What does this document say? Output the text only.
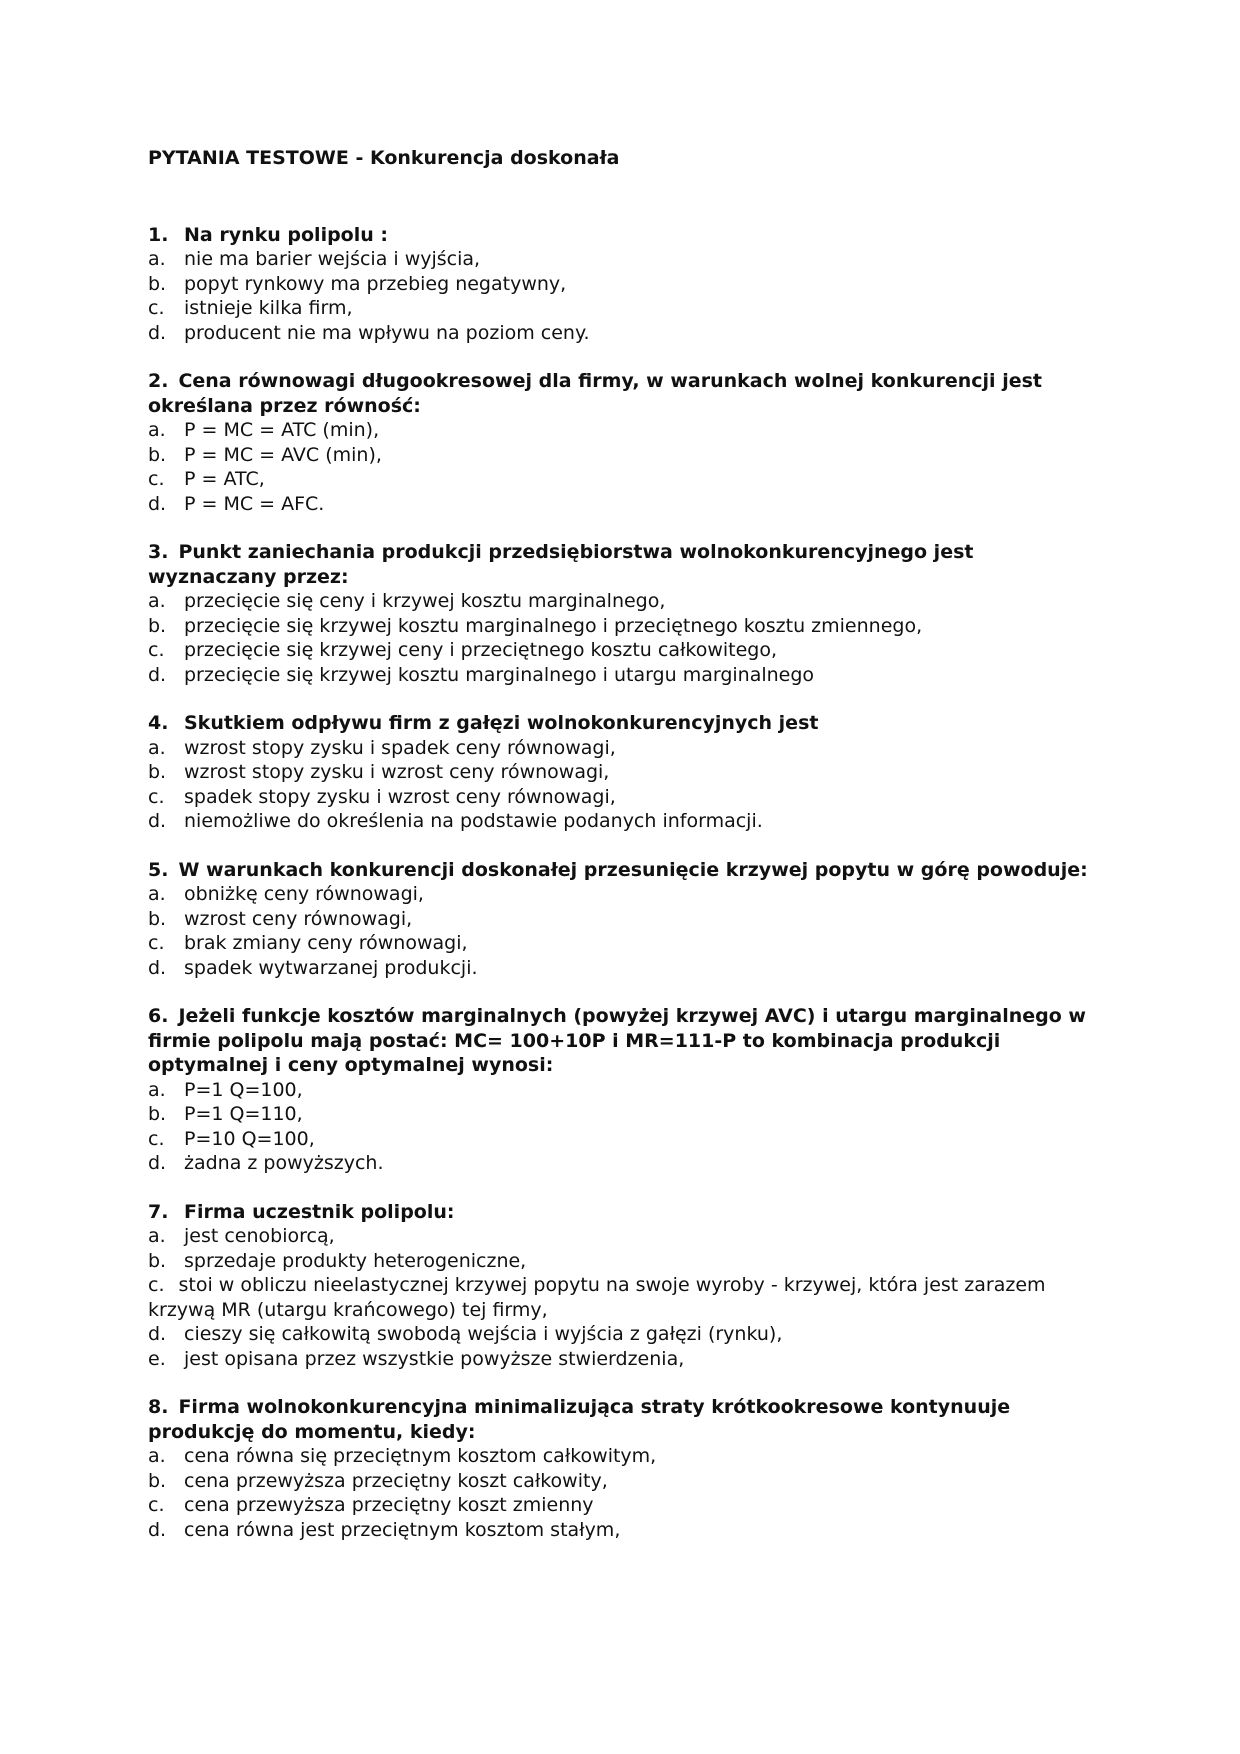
PYTANIA TESTOWE - Konkurencja doskonała
1. Na rynku polipolu :
a. nie ma barier wejścia i wyjścia,
b. popyt rynkowy ma przebieg negatywny,
c.	istnieje kilka firm,
d. producent nie ma wpływu na poziom ceny.
2. Cena równowagi długookresowej dla firmy, w warunkach wolnej konkurencji jest określana przez równość:
a. P = MC = ATC (min),
b. P = MC = AVC (min),
c.	P = ATC,
d. P = MC = AFC.
3. Punkt zaniechania produkcji przedsiębiorstwa wolnokonkurencyjnego jest wyznaczany przez:
a. przecięcie się ceny i krzywej kosztu marginalnego,
b. przecięcie się krzywej kosztu marginalnego i przeciętnego kosztu zmiennego,
c.	przecięcie się krzywej ceny i przeciętnego kosztu całkowitego,
d. przecięcie się krzywej kosztu marginalnego i utargu marginalnego
4. Skutkiem odpływu firm z gałęzi wolnokonkurencyjnych jest
a. wzrost stopy zysku i spadek ceny równowagi,
b. wzrost stopy zysku i wzrost ceny równowagi,
c.	spadek stopy zysku i wzrost ceny równowagi,
d. niemożliwe do określenia na podstawie podanych informacji.
5. W warunkach konkurencji doskonałej przesunięcie krzywej popytu w górę powoduje:
a. obniżkę ceny równowagi,
b. wzrost ceny równowagi,
c.	brak zmiany ceny równowagi,
d. spadek wytwarzanej produkcji.
6. Jeżeli funkcje kosztów marginalnych (powyżej krzywej AVC) i utargu marginalnego w firmie polipolu mają postać: MC= 100+10P i MR=111-P to kombinacja produkcji optymalnej i ceny optymalnej wynosi:
a. P=1 Q=100,
b. P=1 Q=110,
c.	P=10 Q=100,
d. żadna z powyższych.
7. Firma uczestnik polipolu:
a. jest cenobiorcą,
b. sprzedaje produkty heterogeniczne,
c. stoi w obliczu nieelastycznej krzywej popytu na swoje wyroby - krzywej, która jest zarazem krzywą MR (utargu krańcowego) tej firmy,
d. cieszy się całkowitą swobodą wejścia i wyjścia z gałęzi (rynku),
e. jest opisana przez wszystkie powyższe stwierdzenia,
8. Firma wolnokonkurencyjna minimalizująca straty krótkookresowe kontynuuje produkcję do momentu, kiedy:
a. cena równa się przeciętnym kosztom całkowitym,
b. cena przewyższa przeciętny koszt całkowity,
c.	cena przewyższa przeciętny koszt zmienny
d. cena równa jest przeciętnym kosztom stałym,
